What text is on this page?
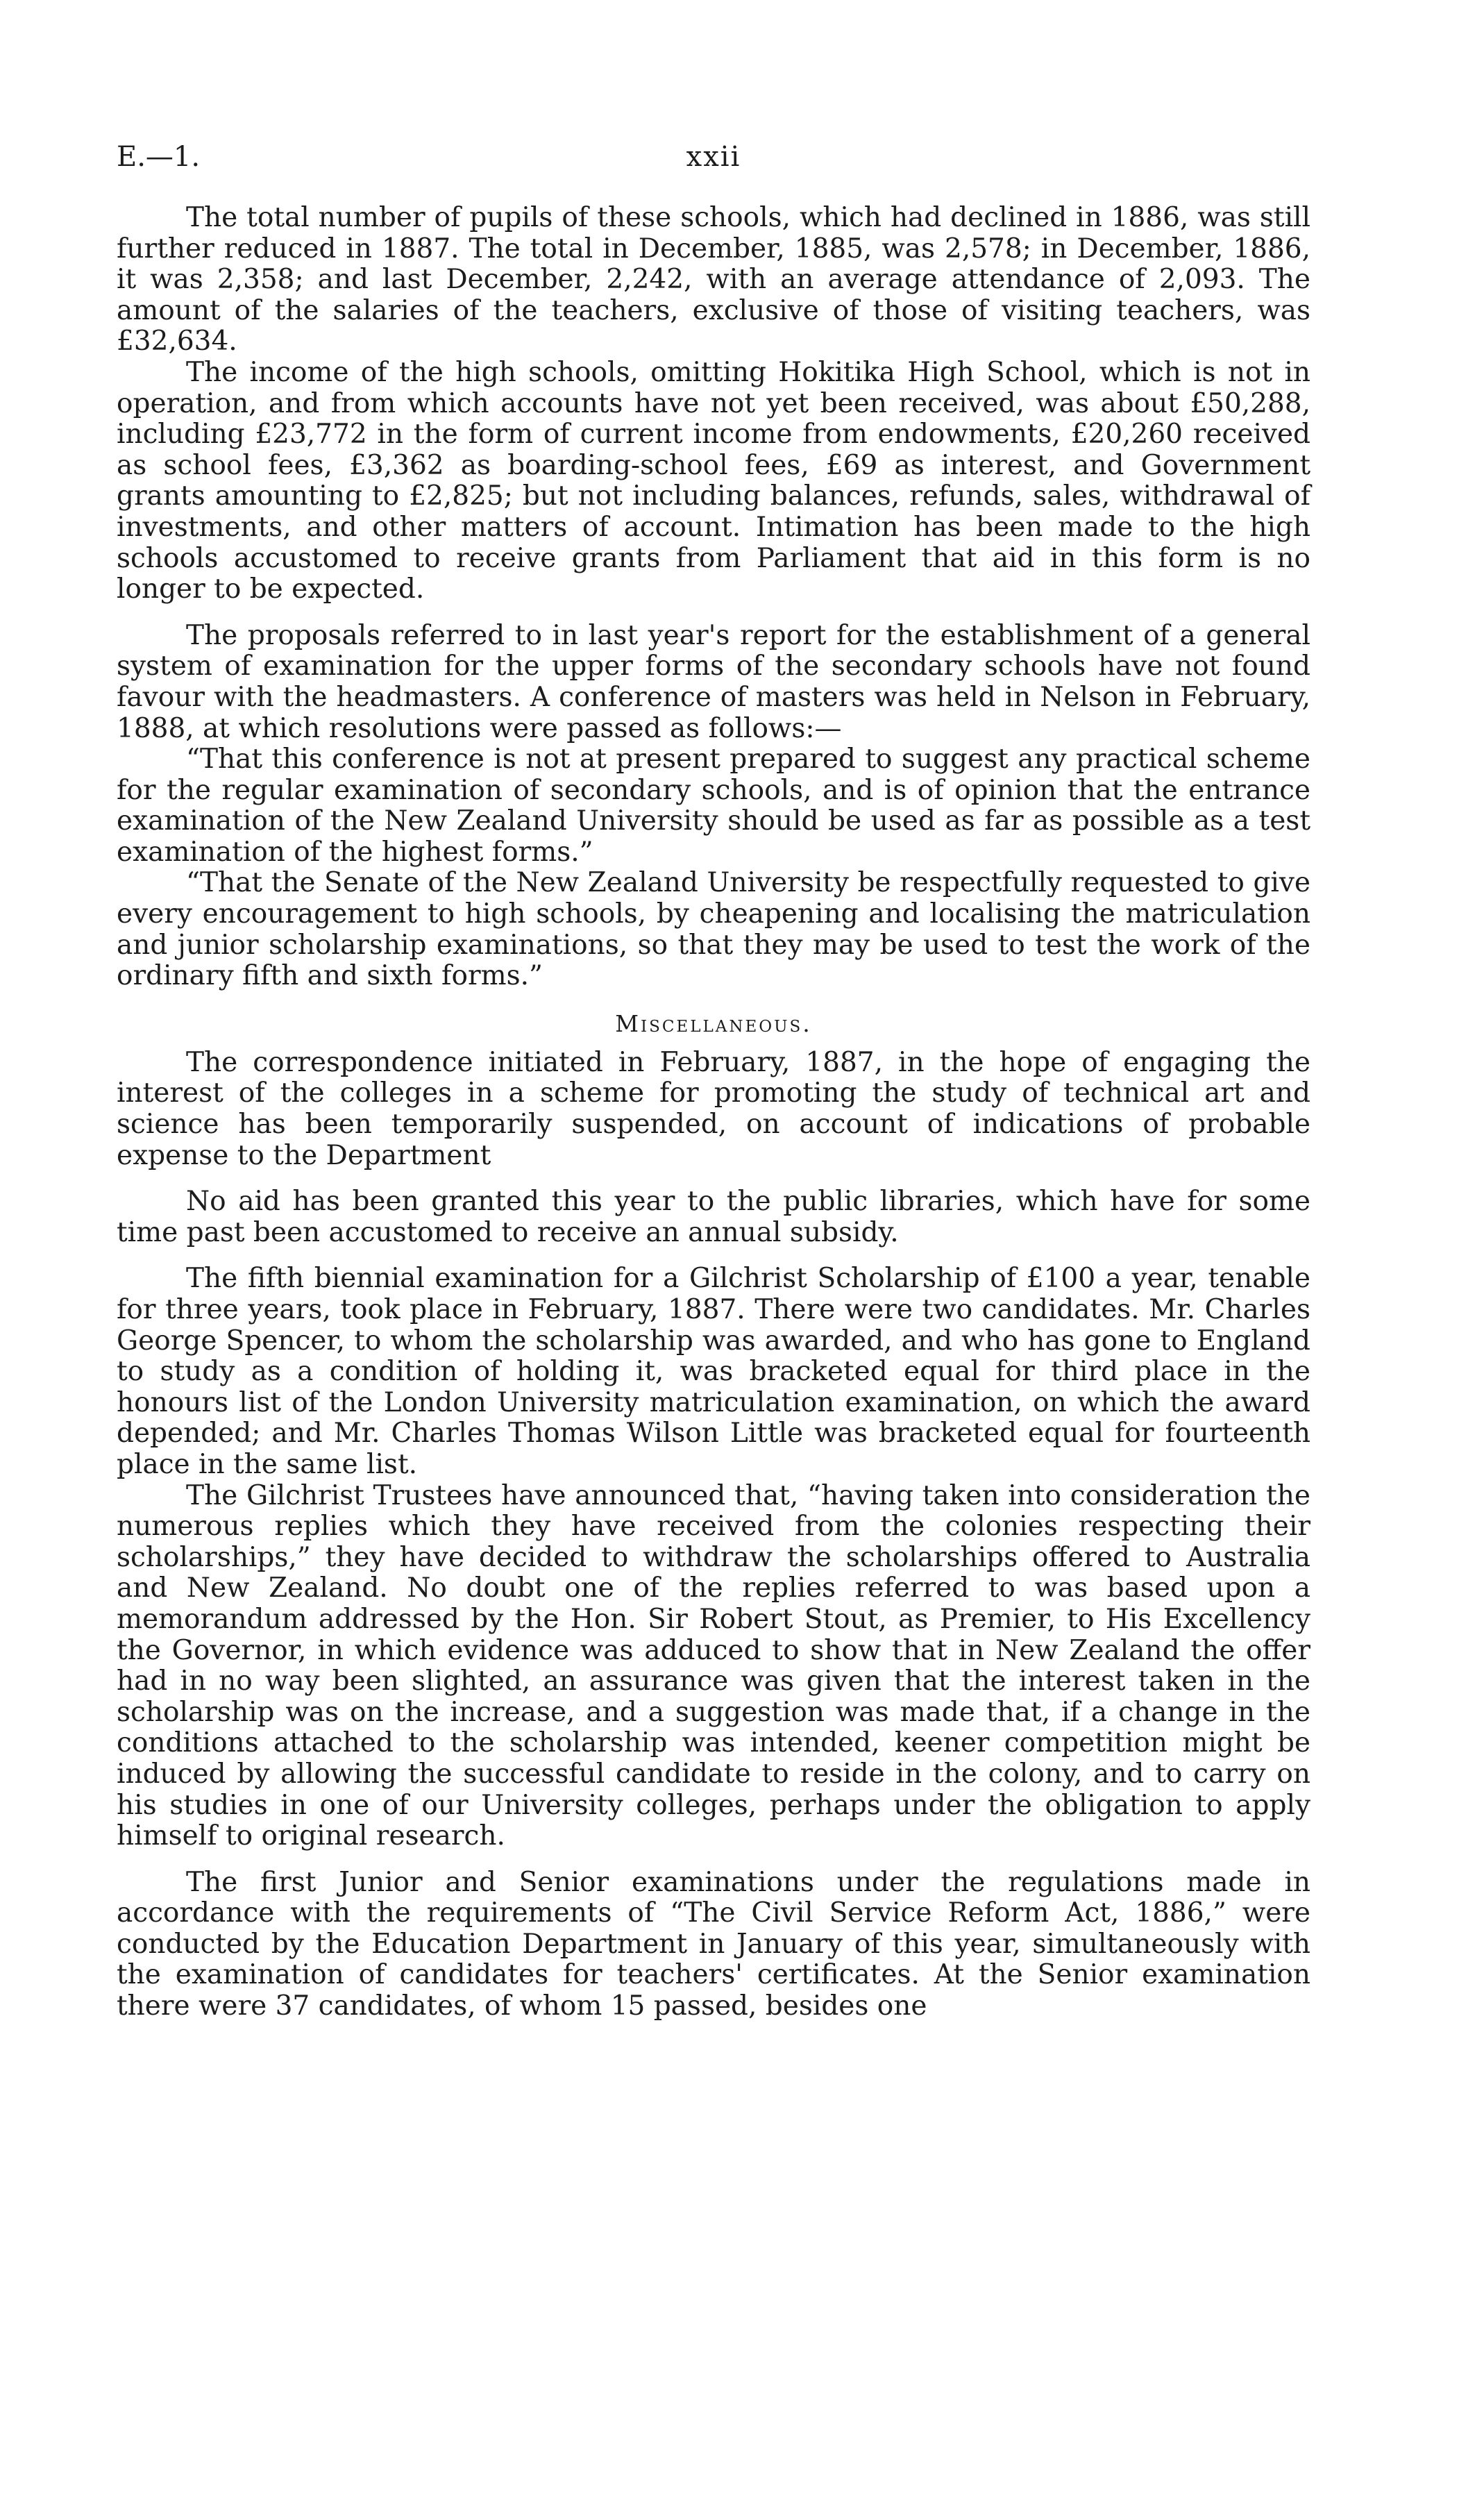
E.—1.	xxii

The total number of pupils of these schools, which had declined in 1886, was still further reduced in 1887. The total in December, 1885, was 2,578; in December, 1886, it was 2,358; and last December, 2,242, with an average attendance of 2,093. The amount of the salaries of the teachers, exclusive of those of visiting teachers, was £32,634.

The income of the high schools, omitting Hokitika High School, which is not in operation, and from which accounts have not yet been received, was about £50,288, including £23,772 in the form of current income from endowments, £20,260 received as school fees, £3,362 as boarding-school fees, £69 as interest, and Government grants amounting to £2,825; but not including balances, refunds, sales, withdrawal of investments, and other matters of account. Intimation has been made to the high schools accustomed to receive grants from Parliament that aid in this form is no longer to be expected.

The proposals referred to in last year's report for the establishment of a general system of examination for the upper forms of the secondary schools have not found favour with the headmasters. A conference of masters was held in Nelson in February, 1888, at which resolutions were passed as follows:—

“That this conference is not at present prepared to suggest any practical scheme for the regular examination of secondary schools, and is of opinion that the entrance examination of the New Zealand University should be used as far as possible as a test examination of the highest forms.”

“That the Senate of the New Zealand University be respectfully requested to give every encouragement to high schools, by cheapening and localising the matriculation and junior scholarship examinations, so that they may be used to test the work of the ordinary fifth and sixth forms.”

Miscellaneous.

The correspondence initiated in February, 1887, in the hope of engaging the interest of the colleges in a scheme for promoting the study of technical art and science has been temporarily suspended, on account of indications of probable expense to the Department

No aid has been granted this year to the public libraries, which have for some time past been accustomed to receive an annual subsidy.

The fifth biennial examination for a Gilchrist Scholarship of £100 a year, tenable for three years, took place in February, 1887. There were two candidates. Mr. Charles George Spencer, to whom the scholarship was awarded, and who has gone to England to study as a condition of holding it, was bracketed equal for third place in the honours list of the London University matriculation examination, on which the award depended; and Mr. Charles Thomas Wilson Little was bracketed equal for fourteenth place in the same list.

The Gilchrist Trustees have announced that, “having taken into consideration the numerous replies which they have received from the colonies respecting their scholarships,” they have decided to withdraw the scholarships offered to Australia and New Zealand. No doubt one of the replies referred to was based upon a memorandum addressed by the Hon. Sir Robert Stout, as Premier, to His Excellency the Governor, in which evidence was adduced to show that in New Zealand the offer had in no way been slighted, an assurance was given that the interest taken in the scholarship was on the increase, and a suggestion was made that, if a change in the conditions attached to the scholarship was intended, keener competition might be induced by allowing the successful candidate to reside in the colony, and to carry on his studies in one of our University colleges, perhaps under the obligation to apply himself to original research.

The first Junior and Senior examinations under the regulations made in accordance with the requirements of “The Civil Service Reform Act, 1886,” were conducted by the Education Department in January of this year, simultaneously with the examination of candidates for teachers' certificates. At the Senior examination there were 37 candidates, of whom 15 passed, besides one
